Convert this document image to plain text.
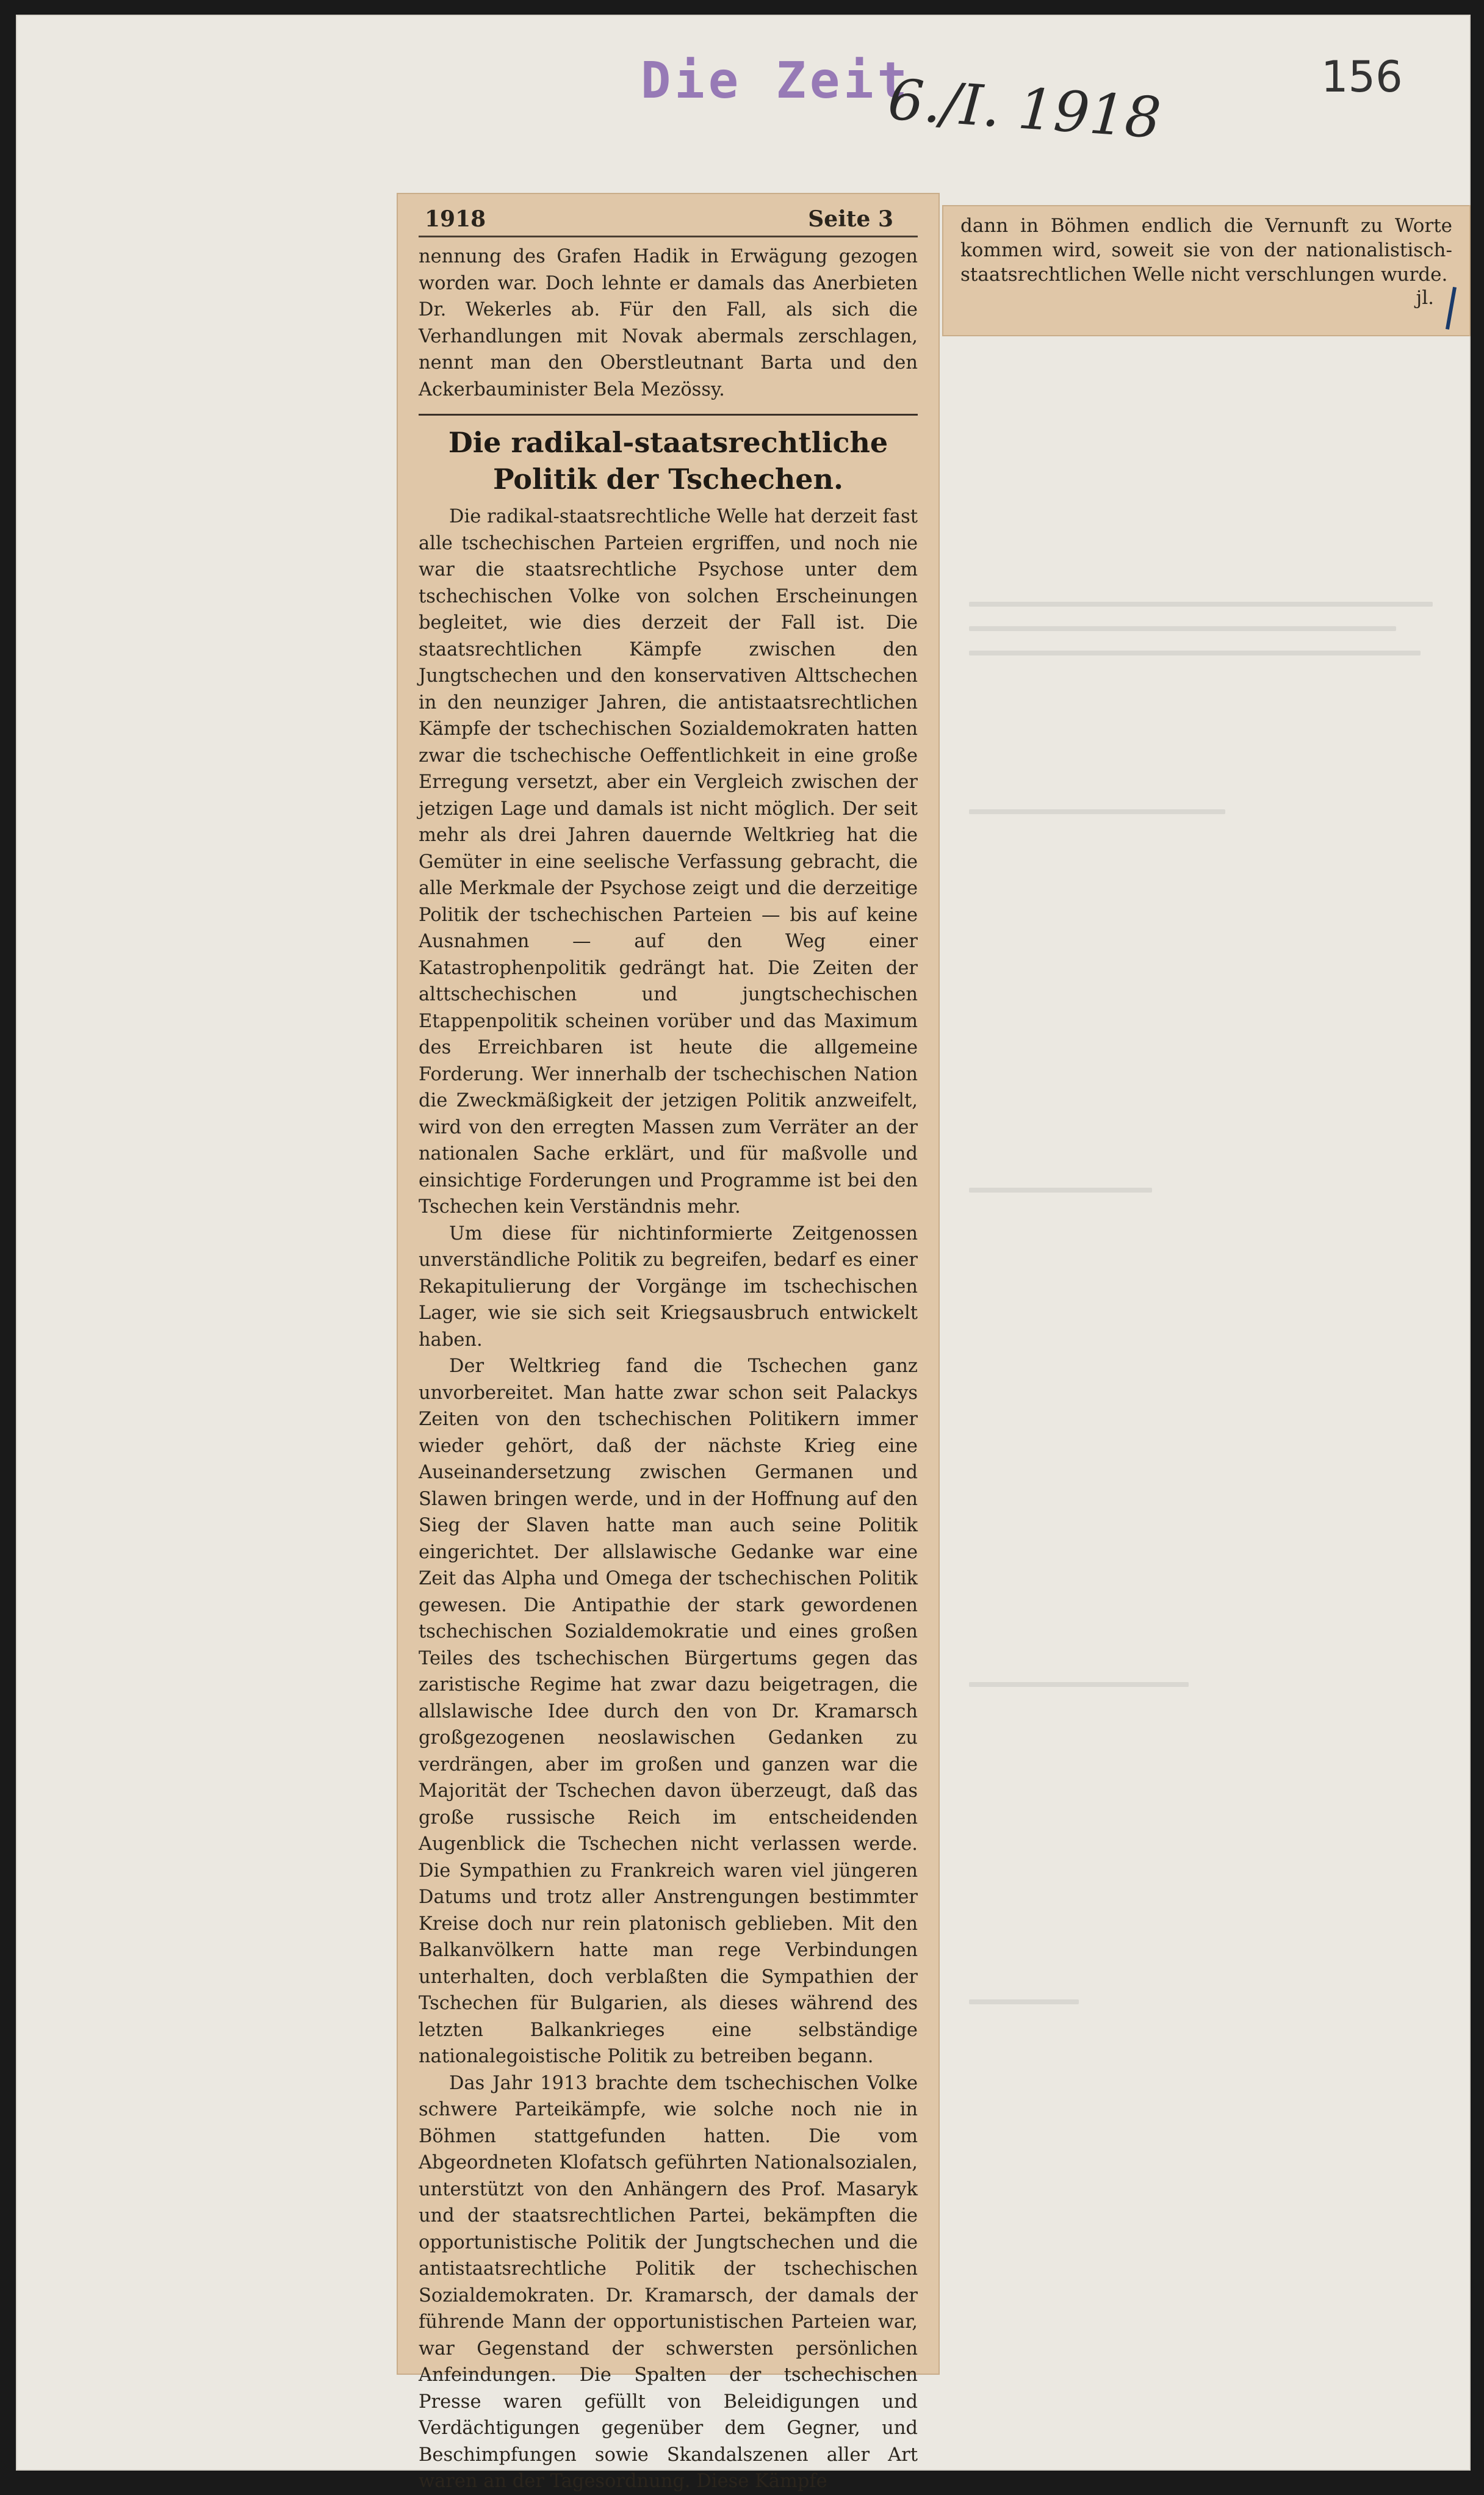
Die Zeit

6./I. 1918	156

1918	Seite 3

nennung des Grafen Hadik in Erwägung gezogen worden war. Doch lehnte er damals das Anerbieten Dr. Wekerles ab. Für den Fall, als sich die Verhandlungen mit Novak abermals zerschlagen, nennt man den Oberstleutnant Barta und den Ackerbauminister Bela Mezössy.

Die radikal-staatsrechtliche Politik der Tschechen.

Die radikal-staatsrechtliche Welle hat derzeit fast alle tschechischen Parteien ergriffen, und noch nie war die staatsrechtliche Psychose unter dem tschechischen Volke von solchen Erscheinungen begleitet, wie dies derzeit der Fall ist. Die staatsrechtlichen Kämpfe zwischen den Jungtschechen und den konservativen Alttschechen in den neunziger Jahren, die antistaatsrechtlichen Kämpfe der tschechischen Sozialdemokraten hatten zwar die tschechische Oeffentlichkeit in eine große Erregung versetzt, aber ein Vergleich zwischen der jetzigen Lage und damals ist nicht möglich. Der seit mehr als drei Jahren dauernde Weltkrieg hat die Gemüter in eine seelische Verfassung gebracht, die alle Merkmale der Psychose zeigt und die derzeitige Politik der tschechischen Parteien — bis auf keine Ausnahmen — auf den Weg einer Katastrophenpolitik gedrängt hat. Die Zeiten der alttschechischen und jungtschechischen Etappenpolitik scheinen vorüber und das Maximum des Erreichbaren ist heute die allgemeine Forderung. Wer innerhalb der tschechischen Nation die Zweckmäßigkeit der jetzigen Politik anzweifelt, wird von den erregten Massen zum Verräter an der nationalen Sache erklärt, und für maßvolle und einsichtige Forderungen und Programme ist bei den Tschechen kein Verständnis mehr.

Um diese für nichtinformierte Zeitgenossen unverständliche Politik zu begreifen, bedarf es einer Rekapitulierung der Vorgänge im tschechischen Lager, wie sie sich seit Kriegsausbruch entwickelt haben.

Der Weltkrieg fand die Tschechen ganz unvorbereitet. Man hatte zwar schon seit Palackys Zeiten von den tschechischen Politikern immer wieder gehört, daß der nächste Krieg eine Auseinandersetzung zwischen Germanen und Slawen bringen werde, und in der Hoffnung auf den Sieg der Slaven hatte man auch seine Politik eingerichtet. Der allslawische Gedanke war eine Zeit das Alpha und Omega der tschechischen Politik gewesen. Die Antipathie der stark gewordenen tschechischen Sozialdemokratie und eines großen Teiles des tschechischen Bürgertums gegen das zaristische Regime hat zwar dazu beigetragen, die allslawische Idee durch den von Dr. Kramarsch großgezogenen neoslawischen Gedanken zu verdrängen, aber im großen und ganzen war die Majorität der Tschechen davon überzeugt, daß das große russische Reich im entscheidenden Augenblick die Tschechen nicht verlassen werde. Die Sympathien zu Frankreich waren viel jüngeren Datums und trotz aller Anstrengungen bestimmter Kreise doch nur rein platonisch geblieben. Mit den Balkanvölkern hatte man rege Verbindungen unterhalten, doch verblaßten die Sympathien der Tschechen für Bulgarien, als dieses während des letzten Balkankrieges eine selbständige nationalegoistische Politik zu betreiben begann.

Das Jahr 1913 brachte dem tschechischen Volke schwere Parteikämpfe, wie solche noch nie in Böhmen stattgefunden hatten. Die vom Abgeordneten Klofatsch geführten Nationalsozialen, unterstützt von den Anhängern des Prof. Masaryk und der staatsrechtlichen Partei, bekämpften die opportunistische Politik der Jungtschechen und die antistaatsrechtliche Politik der tschechischen Sozialdemokraten. Dr. Kramarsch, der damals der führende Mann der opportunistischen Parteien war, war Gegenstand der schwersten persönlichen Anfeindungen. Die Spalten der tschechischen Presse waren gefüllt von Beleidigungen und Verdächtigungen gegenüber dem Gegner, und Beschimpfungen sowie Skandalszenen aller Art waren an der Tagesordnung. Diese Kämpfe

dann in Böhmen endlich die Vernunft zu Worte kommen wird, soweit sie von der nationalistisch-staatsrechtlichen Welle nicht verschlungen wurde.

jl.
